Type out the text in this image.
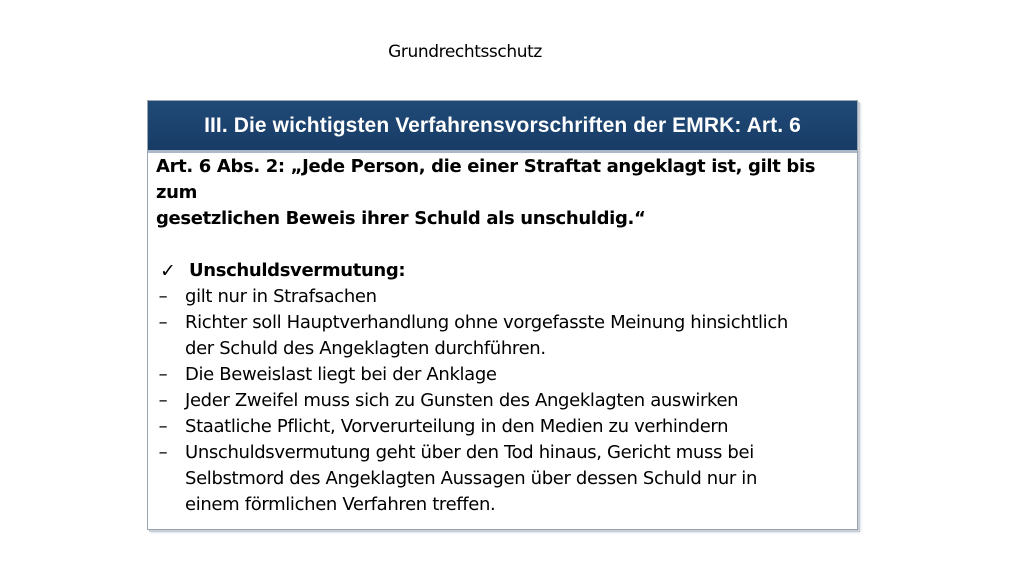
Grundrechtsschutz
III. Die wichtigsten Verfahrensvorschriften der EMRK: Art. 6

Art. 6 Abs. 2: „Jede Person, die einer Straftat angeklagt ist, gilt bis zum
gesetzlichen Beweis ihrer Schuld als unschuldig.“

✓ Unschuldsvermutung:
– gilt nur in Strafsachen
– Richter soll Hauptverhandlung ohne vorgefasste Meinung hinsichtlich
der Schuld des Angeklagten durchführen.
– Die Beweislast liegt bei der Anklage
– Jeder Zweifel muss sich zu Gunsten des Angeklagten auswirken
– Staatliche Pflicht, Vorverurteilung in den Medien zu verhindern
– Unschuldsvermutung geht über den Tod hinaus, Gericht muss bei
Selbstmord des Angeklagten Aussagen über dessen Schuld nur in
einem förmlichen Verfahren treffen.
